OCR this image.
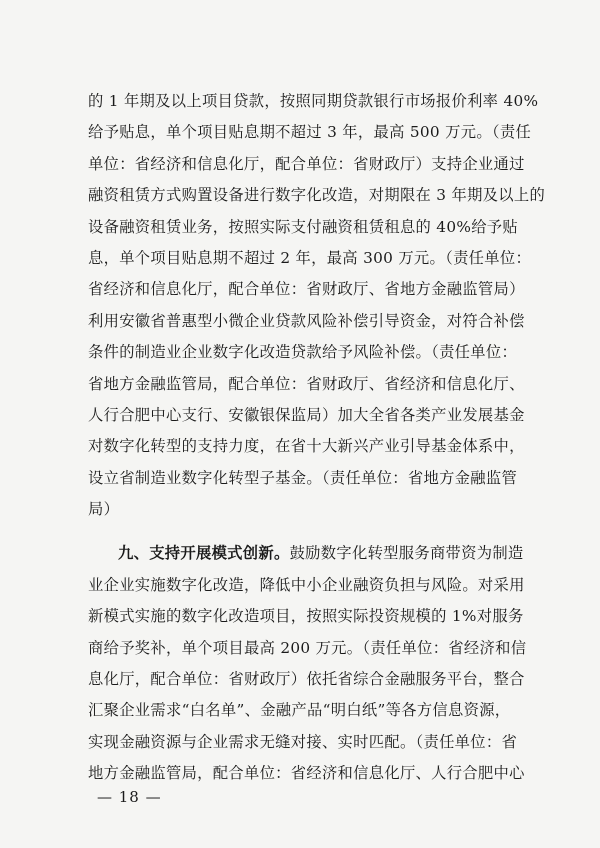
的 1 年期及以上项目贷款，按照同期贷款银行市场报价利率 40%
给予贴息，单个项目贴息期不超过 3 年，最高 500 万元。（责任
单位：省经济和信息化厅，配合单位：省财政厅）支持企业通过
融资租赁方式购置设备进行数字化改造，对期限在 3 年期及以上的
设备融资租赁业务，按照实际支付融资租赁租息的 40%给予贴
息，单个项目贴息期不超过 2 年，最高 300 万元。（责任单位：
省经济和信息化厅，配合单位：省财政厅、省地方金融监管局）
利用安徽省普惠型小微企业贷款风险补偿引导资金，对符合补偿
条件的制造业企业数字化改造贷款给予风险补偿。（责任单位：
省地方金融监管局，配合单位：省财政厅、省经济和信息化厅、
人行合肥中心支行、安徽银保监局）加大全省各类产业发展基金
对数字化转型的支持力度，在省十大新兴产业引导基金体系中，
设立省制造业数字化转型子基金。（责任单位：省地方金融监管
局）
九、支持开展模式创新。鼓励数字化转型服务商带资为制造
业企业实施数字化改造，降低中小企业融资负担与风险。对采用
新模式实施的数字化改造项目，按照实际投资规模的 1%对服务
商给予奖补，单个项目最高 200 万元。（责任单位：省经济和信
息化厅，配合单位：省财政厅）依托省综合金融服务平台，整合
汇聚企业需求“白名单”、金融产品“明白纸”等各方信息资源，
实现金融资源与企业需求无缝对接、实时匹配。（责任单位：省
地方金融监管局，配合单位：省经济和信息化厅、人行合肥中心
— 18 —
